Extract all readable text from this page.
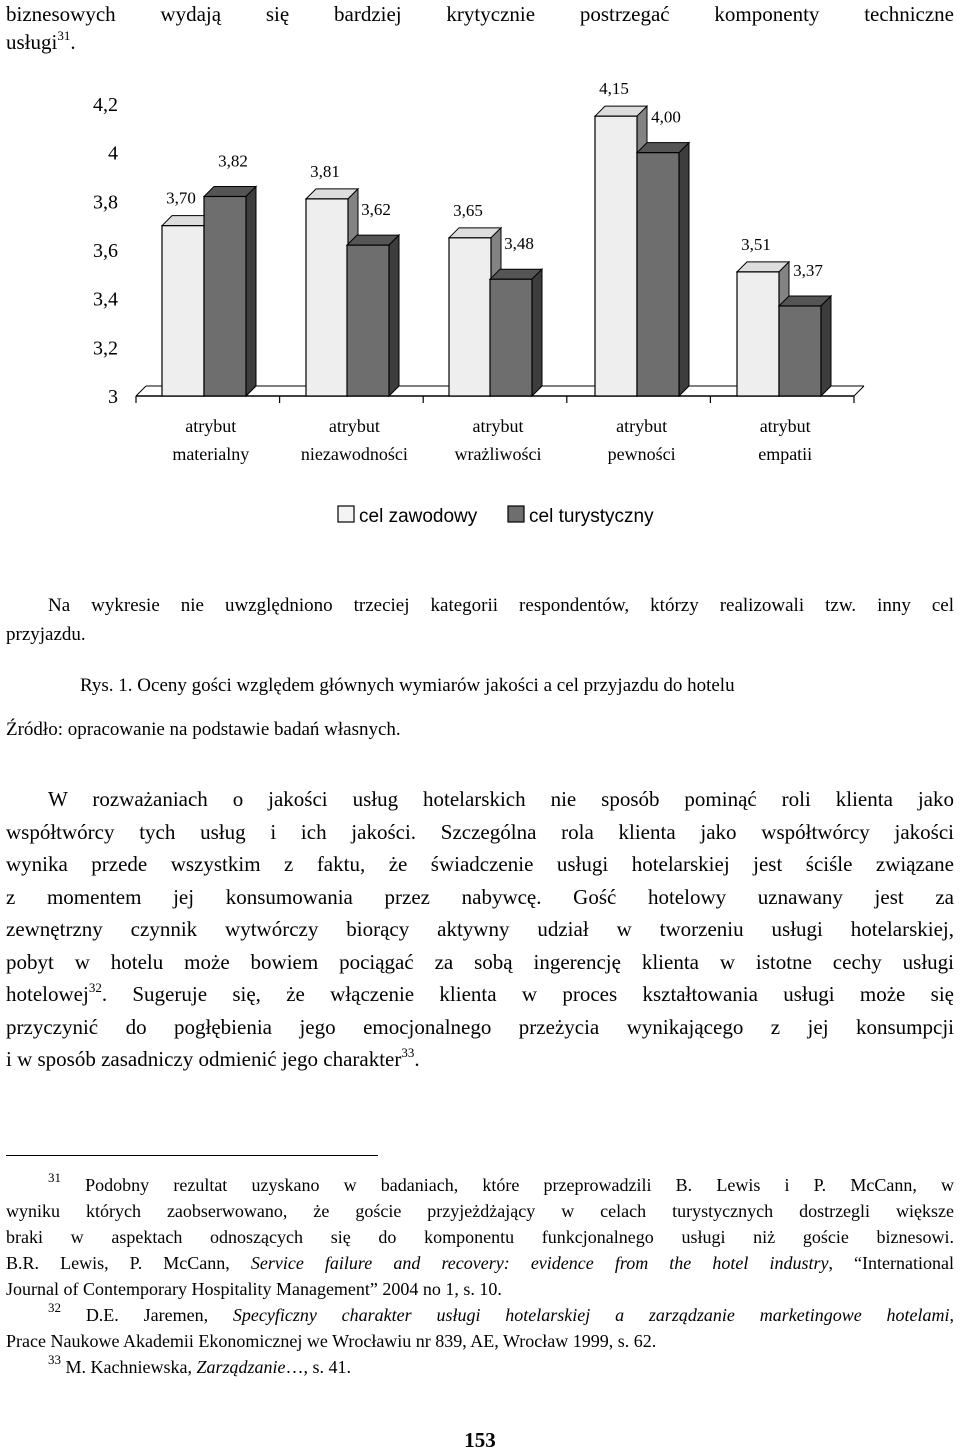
biznesowych wydają się bardziej krytycznie postrzegać komponenty techniczne
usługi$^{31}$.
4,2
4
3,8
3,6
3,4
3,2
3
3,70
3,82
3,81
3,62	3,65
3,48
4,15
4,00
3,51
3,37
atrybut
materialny
atrybut
niezawodności
atrybut
wrażliwości
atrybut
pewności
atrybut
empatii
cel zawodowy	cel turystyczny
Na wykresie nie uwzględniono trzeciej kategorii respondentów, którzy realizowali tzw. inny cel
przyjazdu.
Rys. 1. Oceny gości względem głównych wymiarów jakości a cel przyjazdu do hotelu
Źródło: opracowanie na podstawie badań własnych.
W rozważaniach o jakości usług hotelarskich nie sposób pominąć roli klienta jako
współtwórcy tych usług i ich jakości. Szczególna rola klienta jako współtwórcy jakości
wynika przede wszystkim z faktu, że świadczenie usługi hotelarskiej jest ściśle związane
z momentem jej konsumowania przez nabywcę. Gość hotelowy uznawany jest za
zewnętrzny czynnik wytwórczy biorący aktywny udział w tworzeniu usługi hotelarskiej,
pobyt w hotelu może bowiem pociągać za sobą ingerencję klienta w istotne cechy usługi
hotelowej$^{32}$. Sugeruje się, że włączenie klienta w proces kształtowania usługi może się
przyczynić do pogłębienia jego emocjonalnego przeżycia wynikającego z jej konsumpcji
i w sposób zasadniczy odmienić jego charakter$^{33}$.
$^{31}$ Podobny rezultat uzyskano w badaniach, które przeprowadzili B. Lewis i P. McCann, w
wyniku których zaobserwowano, że goście przyjeżdżający w celach turystycznych dostrzegli większe
braki w aspektach odnoszących się do komponentu funkcjonalnego usługi niż goście biznesowi.
B.R. Lewis, P. McCann, Service failure and recovery: evidence from the hotel industry, “International
Journal of Contemporary Hospitality Management” 2004 no 1, s. 10.
$^{32}$ D.E. Jaremen, Specyficzny charakter usługi hotelarskiej a zarządzanie marketingowe hotelami,
Prace Naukowe Akademii Ekonomicznej we Wrocławiu nr 839, AE, Wrocław 1999, s. 62.
$^{33}$ M. Kachniewska, Zarządzanie…, s. 41.
153
